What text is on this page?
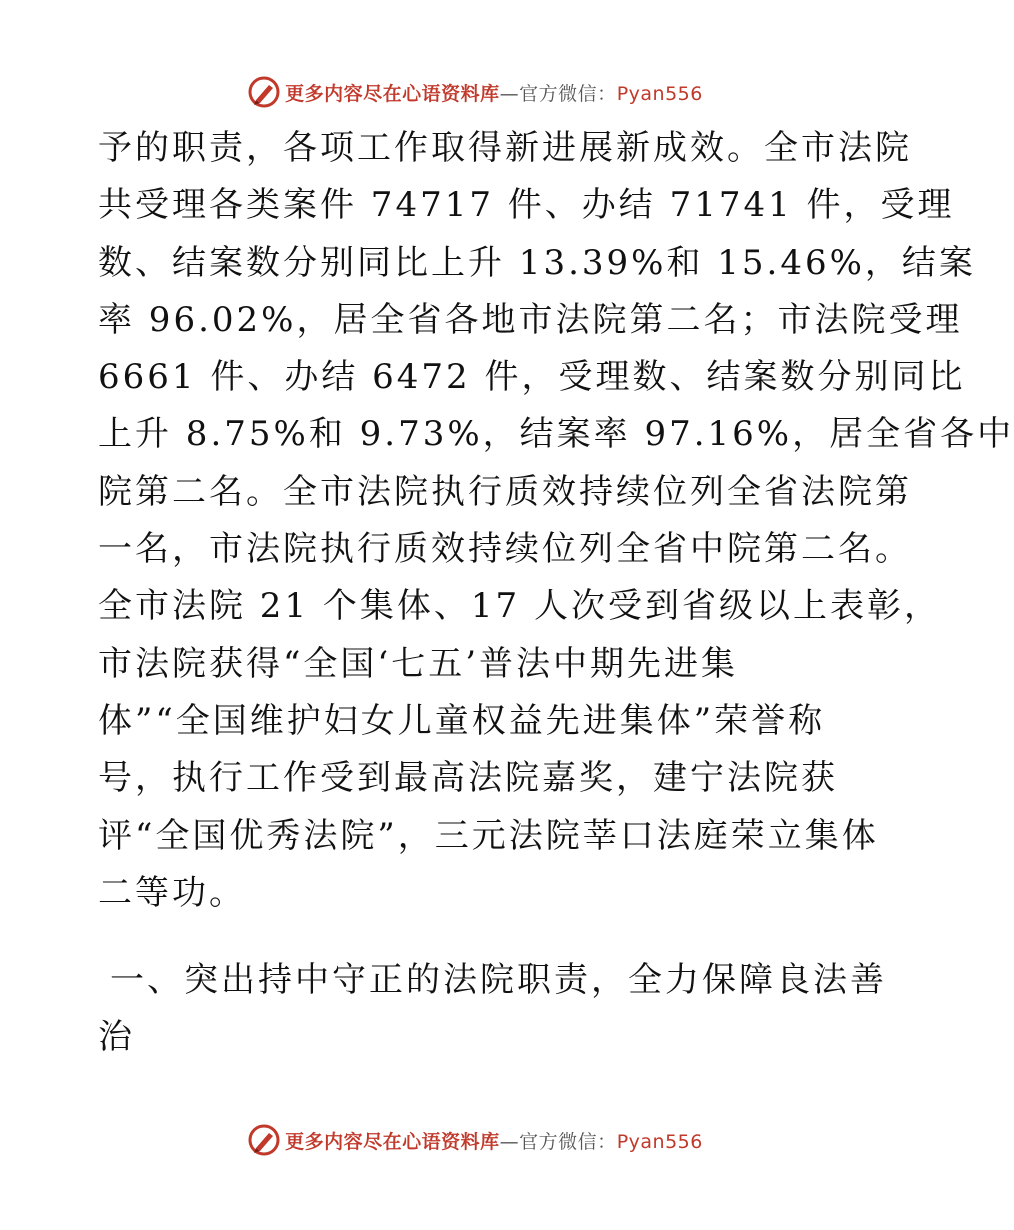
更多内容尽在心语资料库—官方微信：Pyan556
予的职责，各项工作取得新进展新成效。全市法院
共受理各类案件 74717 件、办结 71741 件，受理
数、结案数分别同比上升 13.39%和 15.46%，结案
率 96.02%，居全省各地市法院第二名；市法院受理
6661 件、办结 6472 件，受理数、结案数分别同比
上升 8.75%和 9.73%，结案率 97.16%，居全省各中
院第二名。全市法院执行质效持续位列全省法院第
一名，市法院执行质效持续位列全省中院第二名。
全市法院 21 个集体、17 人次受到省级以上表彰，
市法院获得“全国‘七五’普法中期先进集
体”“全国维护妇女儿童权益先进集体”荣誉称
号，执行工作受到最高法院嘉奖，建宁法院获
评“全国优秀法院”，三元法院莘口法庭荣立集体
二等功。
一、突出持中守正的法院职责，全力保障良法善
治
更多内容尽在心语资料库—官方微信：Pyan556
